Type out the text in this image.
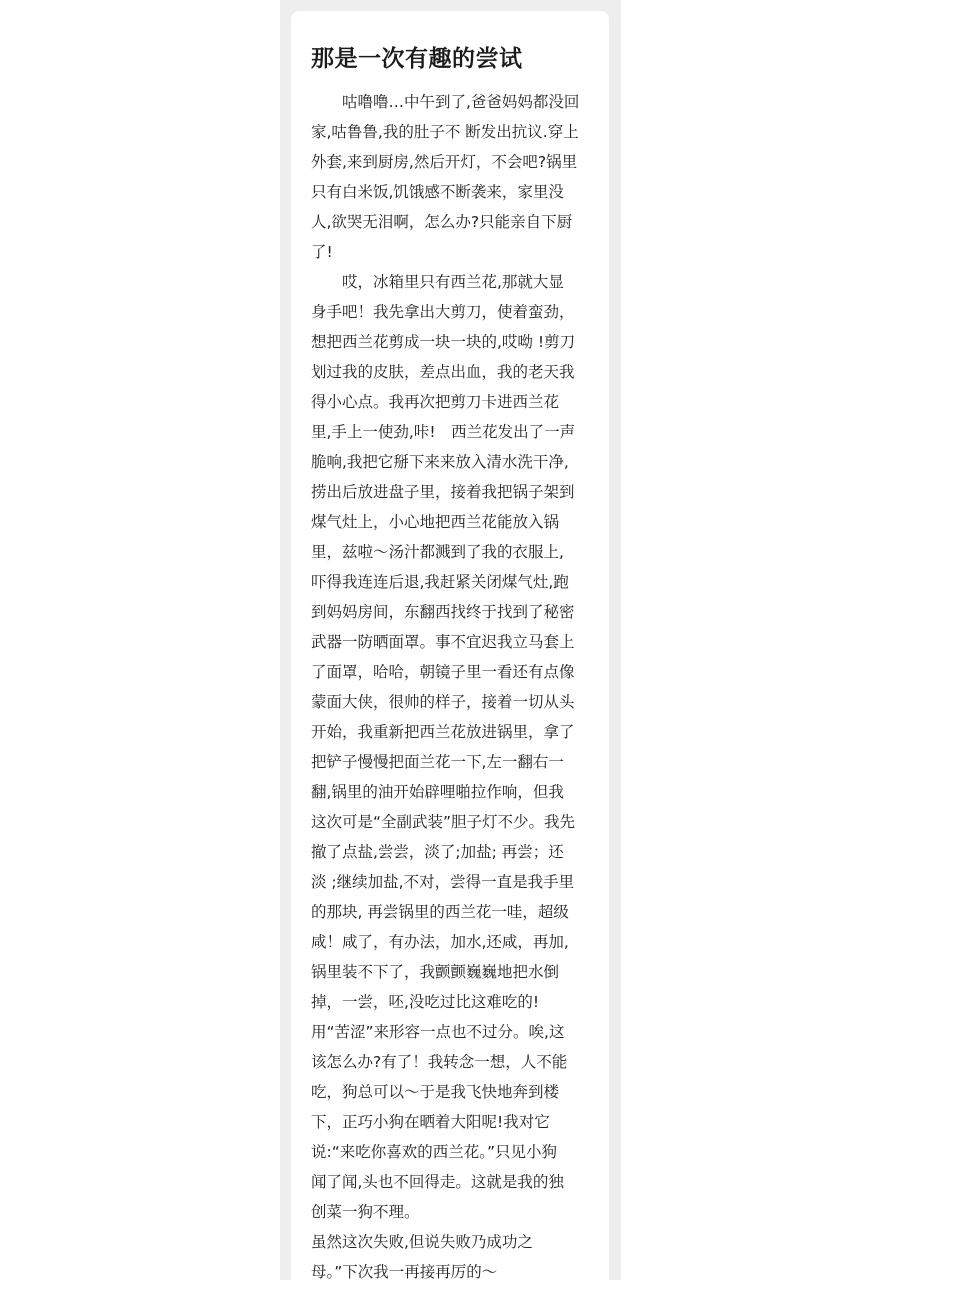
那是一次有趣的尝试
咕噜噜…中午到了,爸爸妈妈都没回
家,咕鲁鲁,我的肚子不 断发出抗议.穿上
外套,来到厨房,然后开灯，不会吧?锅里
只有白米饭,饥饿感不断袭来，家里没
人,欲哭无泪啊，怎么办?只能亲自下厨
了!
哎，冰箱里只有西兰花,那就大显
身手吧！我先拿出大剪刀，使着蛮劲，
想把西兰花剪成一块一块的,哎呦 !剪刀
划过我的皮肤，差点出血，我的老天我
得小心点。我再次把剪刀卡进西兰花
里,手上一使劲,咔!　西兰花发出了一声
脆响,我把它掰下来来放入清水洗干净,
捞出后放进盘子里，接着我把锅子架到
煤气灶上，小心地把西兰花能放入锅
里，兹啦～汤汁都溅到了我的衣服上,
吓得我连连后退,我赶紧关闭煤气灶,跑
到妈妈房间，东翻西找终于找到了秘密
武器一防晒面罩。事不宜迟我立马套上
了面罩，哈哈，朝镜子里一看还有点像
蒙面大侠，很帅的样子，接着一切从头
开始，我重新把西兰花放进锅里，拿了
把铲子慢慢把面兰花一下,左一翻右一
翻,锅里的油开始辟哩啪拉作响，但我
这次可是“全副武装”胆子灯不少。我先
撤了点盐,尝尝，淡了;加盐; 再尝；还
淡 ;继续加盐,不对，尝得一直是我手里
的那块, 再尝锅里的西兰花一哇，超级
咸！咸了，有办法，加水,还咸，再加,
锅里装不下了，我颤颤巍巍地把水倒
掉，一尝，呸,没吃过比这难吃的!
用“苦涩”来形容一点也不过分。唉,这
该怎么办?有了！我转念一想，人不能
吃，狗总可以～于是我飞快地奔到楼
下，正巧小狗在晒着大阳呢!我对它
说:“来吃你喜欢的西兰花。”只见小狗
闻了闻,头也不回得走。这就是我的独
创菜一狗不理。
虽然这次失败,但说失败乃成功之
母。”下次我一再接再厉的～
